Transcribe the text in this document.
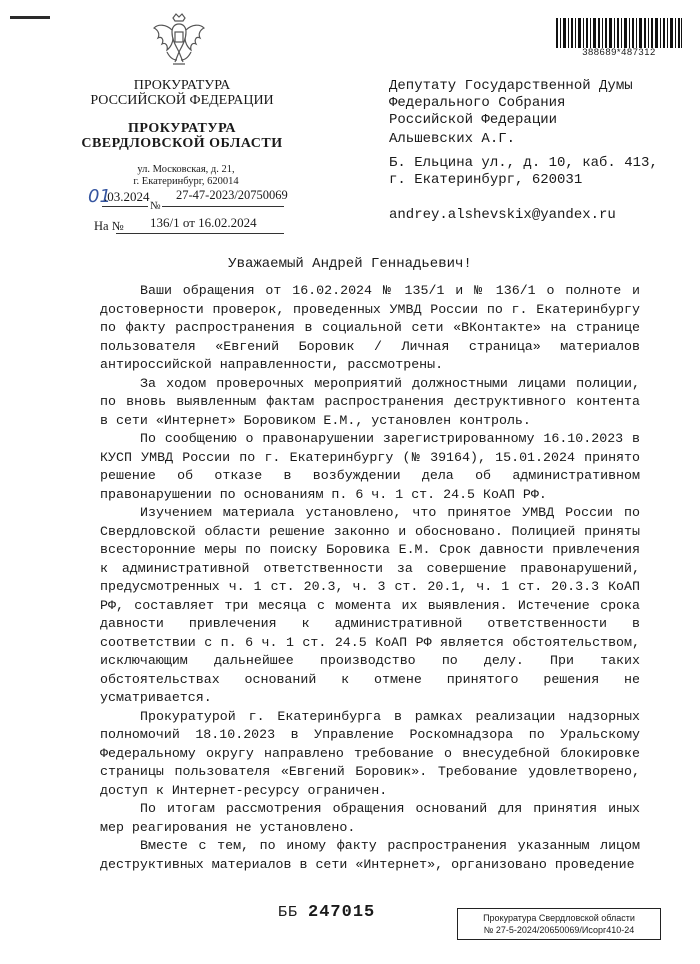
388689*487312
ПРОКУРАТУРА
РОССИЙСКОЙ ФЕДЕРАЦИИ
ПРОКУРАТУРА
СВЕРДЛОВСКОЙ ОБЛАСТИ
ул. Московская, д. 21,
г. Екатеринбург, 620014
01
.03.2024
№
27-47-2023/20750069
На № 136/1 от 16.02.2024
Депутату Государственной Думы
Федерального Собрания
Российской Федерации
Альшевских А.Г.
Б. Ельцина ул., д. 10, каб. 413,
г. Екатеринбург, 620031
andrey.alshevskix@yandex.ru
Уважаемый Андрей Геннадьевич!

Ваши обращения от 16.02.2024 № 135/1 и № 136/1 о полноте и достоверности проверок, проведенных УМВД России по г. Екатеринбургу по факту распространения в социальной сети «ВКонтакте» на странице пользователя «Евгений Боровик / Личная страница» материалов антироссийской направленности, рассмотрены.

За ходом проверочных мероприятий должностными лицами полиции, по вновь выявленным фактам распространения деструктивного контента в сети «Интернет» Боровиком Е.М., установлен контроль.

По сообщению о правонарушении зарегистрированному 16.10.2023 в КУСП УМВД России по г. Екатеринбургу (№ 39164), 15.01.2024 принято решение об отказе в возбуждении дела об административном правонарушении по основаниям п. 6 ч. 1 ст. 24.5 КоАП РФ.

Изучением материала установлено, что принятое УМВД России по Свердловской области решение законно и обосновано. Полицией приняты всесторонние меры по поиску Боровика Е.М. Срок давности привлечения к административной ответственности за совершение правонарушений, предусмотренных ч. 1 ст. 20.3, ч. 3 ст. 20.1, ч. 1 ст. 20.3.3 КоАП РФ, составляет три месяца с момента их выявления. Истечение срока давности привлечения к административной ответственности в соответствии с п. 6 ч. 1 ст. 24.5 КоАП РФ является обстоятельством, исключающим дальнейшее производство по делу. При таких обстоятельствах оснований к отмене принятого решения не усматривается.

Прокуратурой г. Екатеринбурга в рамках реализации надзорных полномочий 18.10.2023 в Управление Роскомнадзора по Уральскому Федеральному округу направлено требование о внесудебной блокировке страницы пользователя «Евгений Боровик». Требование удовлетворено, доступ к Интернет-ресурсу ограничен.

По итогам рассмотрения обращения оснований для принятия иных мер реагирования не установлено.

Вместе с тем, по иному факту распространения указанным лицом деструктивных материалов в сети «Интернет», организовано проведение

ББ 247015	Прокуратура Свердловской области
№ 27-5-2024/20650069/Исорг410-24
